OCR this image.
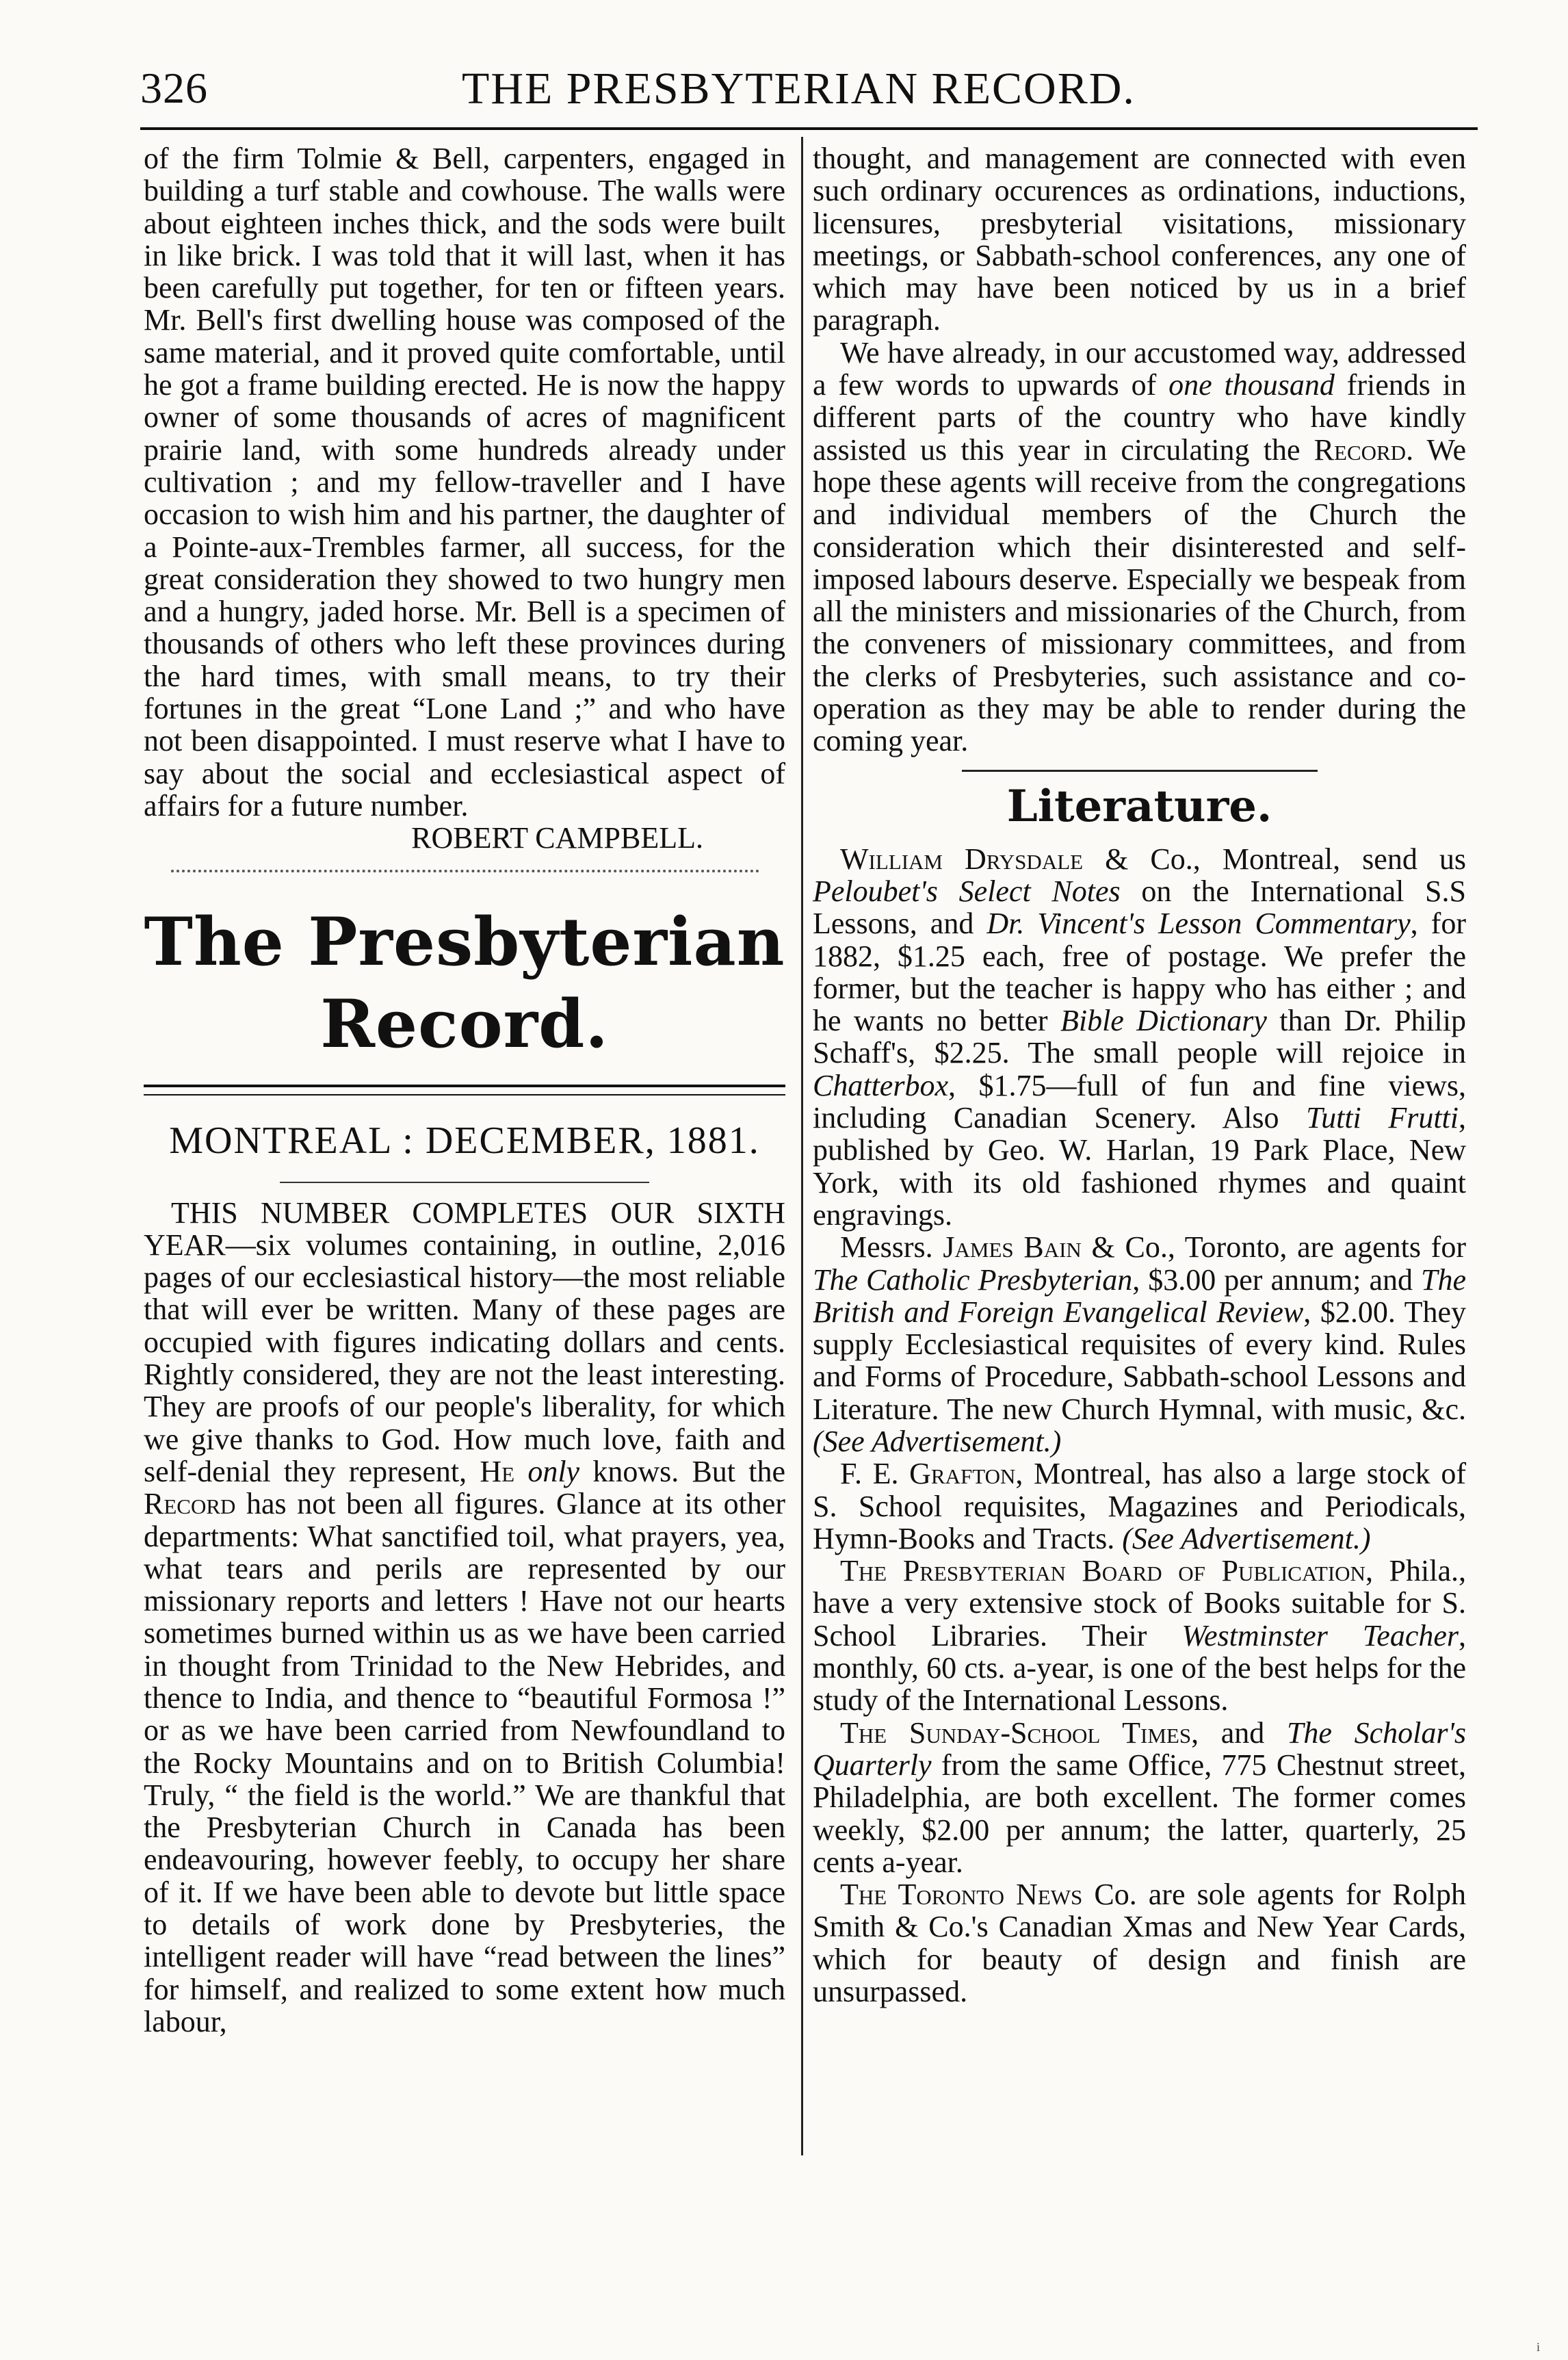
326	THE PRESBYTERIAN RECORD.

of the firm Tolmie & Bell, carpenters, engaged in building a turf stable and cowhouse. The walls were about eighteen inches thick, and the sods were built in like brick. I was told that it will last, when it has been carefully put together, for ten or fifteen years. Mr. Bell's first dwelling house was composed of the same material, and it proved quite comfortable, until he got a frame building erected. He is now the happy owner of some thousands of acres of magnificent prairie land, with some hundreds already under cultivation ; and my fellow-traveller and I have occasion to wish him and his partner, the daughter of a Pointe-aux-Trembles farmer, all success, for the great consideration they showed to two hungry men and a hungry, jaded horse. Mr. Bell is a specimen of thousands of others who left these provinces during the hard times, with small means, to try their fortunes in the great “Lone Land ;” and who have not been disappointed. I must reserve what I have to say about the social and ecclesiastical aspect of affairs for a future number.

ROBERT CAMPBELL.

The Presbyterian Record.
MONTREAL : DECEMBER, 1881.

THIS NUMBER COMPLETES OUR SIXTH YEAR—six volumes containing, in outline, 2,016 pages of our ecclesiastical history—the most reliable that will ever be written. Many of these pages are occupied with figures indicating dollars and cents. Rightly considered, they are not the least interesting. They are proofs of our people's liberality, for which we give thanks to God. How much love, faith and self-denial they represent, He only knows. But the Record has not been all figures. Glance at its other departments: What sanctified toil, what prayers, yea, what tears and perils are represented by our missionary reports and letters ! Have not our hearts sometimes burned within us as we have been carried in thought from Trinidad to the New Hebrides, and thence to India, and thence to “beautiful Formosa !” or as we have been carried from Newfoundland to the Rocky Mountains and on to British Columbia! Truly, “ the field is the world.” We are thankful that the Presbyterian Church in Canada has been endeavouring, however feebly, to occupy her share of it. If we have been able to devote but little space to details of work done by Presbyteries, the intelligent reader will have “read between the lines” for himself, and realized to some extent how much labour,

thought, and management are connected with even such ordinary occurences as ordinations, inductions, licensures, presbyterial visitations, missionary meetings, or Sabbath-school conferences, any one of which may have been noticed by us in a brief paragraph.

We have already, in our accustomed way, addressed a few words to upwards of one thousand friends in different parts of the country who have kindly assisted us this year in circulating the Record. We hope these agents will receive from the congregations and individual members of the Church the consideration which their disinterested and self-imposed labours deserve. Especially we bespeak from all the ministers and missionaries of the Church, from the conveners of missionary committees, and from the clerks of Presbyteries, such assistance and co-operation as they may be able to render during the coming year.

Literature.

William Drysdale & Co., Montreal, send us Peloubet's Select Notes on the International S.S Lessons, and Dr. Vincent's Lesson Commentary, for 1882, $1.25 each, free of postage. We prefer the former, but the teacher is happy who has either ; and he wants no better Bible Dictionary than Dr. Philip Schaff's, $2.25. The small people will rejoice in Chatterbox, $1.75—full of fun and fine views, including Canadian Scenery. Also Tutti Frutti, published by Geo. W. Harlan, 19 Park Place, New York, with its old fashioned rhymes and quaint engravings.

Messrs. James Bain & Co., Toronto, are agents for The Catholic Presbyterian, $3.00 per annum; and The British and Foreign Evangelical Review, $2.00. They supply Ecclesiastical requisites of every kind. Rules and Forms of Procedure, Sabbath-school Lessons and Literature. The new Church Hymnal, with music, &c. (See Advertisement.)

F. E. Grafton, Montreal, has also a large stock of S. School requisites, Magazines and Periodicals, Hymn-Books and Tracts. (See Advertisement.)

The Presbyterian Board of Publication, Phila., have a very extensive stock of Books suitable for S. School Libraries. Their Westminster Teacher, monthly, 60 cts. a-year, is one of the best helps for the study of the International Lessons.

The Sunday-School Times, and The Scholar's Quarterly from the same Office, 775 Chestnut street, Philadelphia, are both excellent. The former comes weekly, $2.00 per annum; the latter, quarterly, 25 cents a-year.

The Toronto News Co. are sole agents for Rolph Smith & Co.'s Canadian Xmas and New Year Cards, which for beauty of design and finish are unsurpassed.

i
